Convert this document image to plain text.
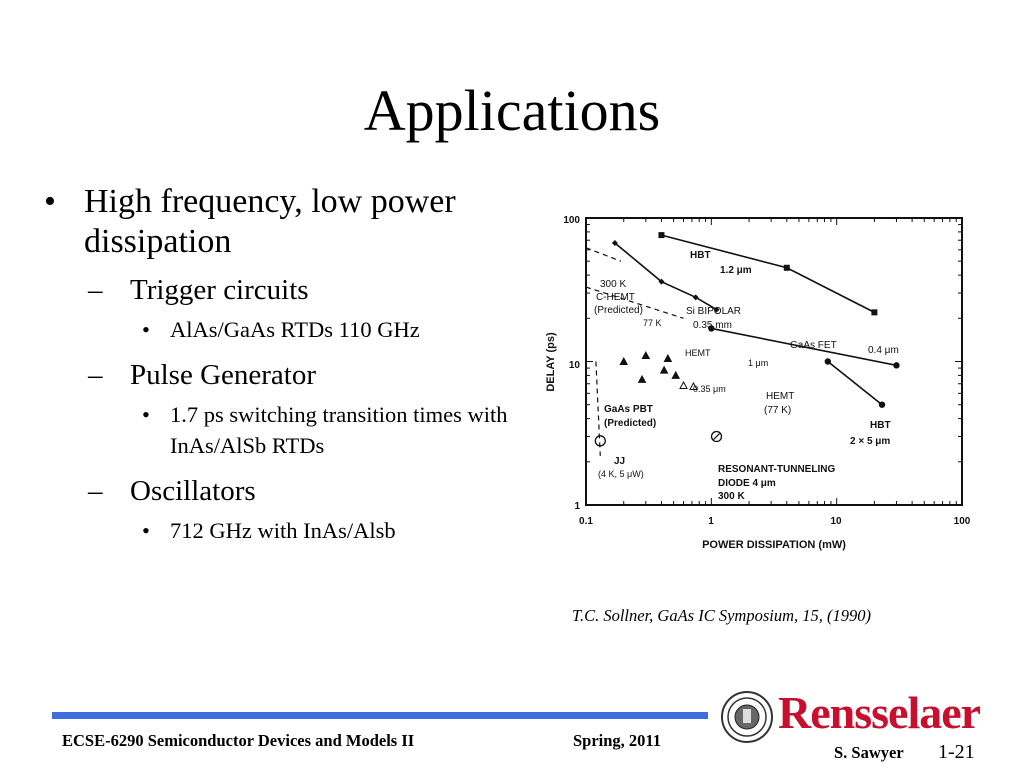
Applications
• High frequency, low power dissipation
– Trigger circuits
• AlAs/GaAs RTDs 110 GHz
– Pulse Generator
• 1.7 ps switching transition times with InAs/AlSb RTDs
– Oscillators
• 712 GHz with InAs/Alsb
HBT
1.2 μm
300 K
C-HEMT
(Predicted)
77 K
Si BIPOLAR
0.35 mm
GaAs FET	0.4 μm
HEMT
1 μm
0.35 μm
HEMT
(77 K)
GaAs PBT
(Predicted)	HBT
2 × 5 μm
JJ
(4 K, 5 μW)	RESONANT-TUNNELING
DIODE 4 μm
300 K
0.1	1	10	100
100
10
1
POWER DISSIPATION (mW)
DELAY (ps)
T.C. Sollner, GaAs IC Symposium, 15, (1990)
ECSE-6290 Semiconductor Devices and Models II	Spring, 2011
Rensselaer
S. Sawyer 1-21
